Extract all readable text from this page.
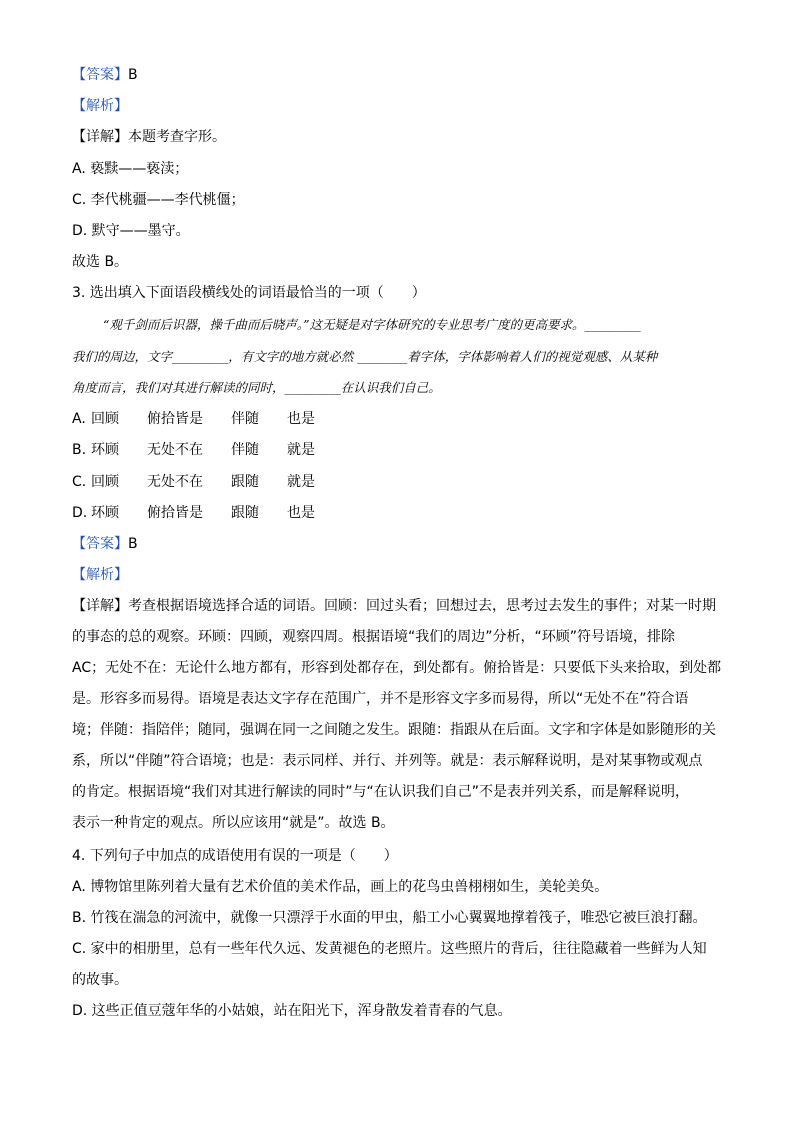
【答案】B
【解析】
【详解】本题考查字形。
A. 亵黩——亵渎；
C. 李代桃疆——李代桃僵；
D. 默守——墨守。
故选 B。
3. 选出填入下面语段横线处的词语最恰当的一项（　　）
“观千剑而后识器，操千曲而后晓声。”这无疑是对字体研究的专业思考广度的更高要求。_________
我们的周边，文字_________，有文字的地方就必然 ________着字体，字体影响着人们的视觉观感、从某种
角度而言，我们对其进行解读的同时，_________在认识我们自己。
A. 回顾	俯拾皆是	伴随	也是
B. 环顾	无处不在	伴随	就是
C. 回顾	无处不在	跟随	就是
D. 环顾	俯拾皆是	跟随	也是
【答案】B
【解析】
【详解】考查根据语境选择合适的词语。回顾：回过头看；回想过去，思考过去发生的事件；对某一时期
的事态的总的观察。环顾：四顾，观察四周。根据语境“我们的周边”分析，“环顾”符号语境，排除
AC；无处不在：无论什么地方都有，形容到处都存在，到处都有。俯拾皆是：只要低下头来拾取，到处都
是。形容多而易得。语境是表达文字存在范围广，并不是形容文字多而易得，所以“无处不在”符合语
境；伴随：指陪伴；随同，强调在同一之间随之发生。跟随：指跟从在后面。文字和字体是如影随形的关
系，所以“伴随”符合语境；也是：表示同样、并行、并列等。就是：表示解释说明，是对某事物或观点
的肯定。根据语境“我们对其进行解读的同时”与“在认识我们自己”不是表并列关系，而是解释说明，
表示一种肯定的观点。所以应该用“就是”。故选 B。
4. 下列句子中加点的成语使用有误的一项是（　　）
A. 博物馆里陈列着大量有艺术价值的美术作品，画上的花鸟虫兽栩栩如生，美轮美奂。
B. 竹筏在湍急的河流中，就像一只漂浮于水面的甲虫，船工小心翼翼地撑着筏子，唯恐它被巨浪打翻。
C. 家中的相册里，总有一些年代久远、发黄褪色的老照片。这些照片的背后，往往隐藏着一些鲜为人知
的故事。
D. 这些正值豆蔻年华的小姑娘，站在阳光下，浑身散发着青春的气息。
